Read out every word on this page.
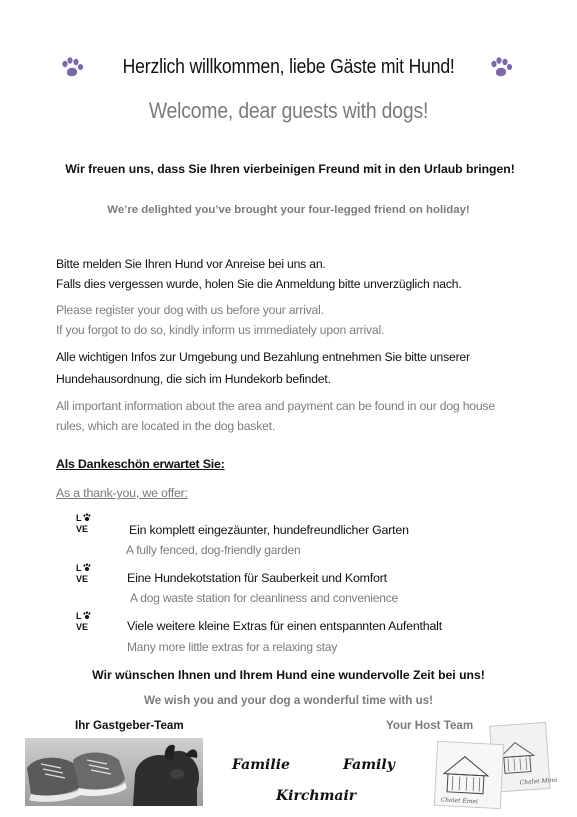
Herzlich willkommen, liebe Gäste mit Hund!
Welcome, dear guests with dogs!
Wir freuen uns, dass Sie Ihren vierbeinigen Freund mit in den Urlaub bringen!
We’re delighted you’ve brought your four-legged friend on holiday!
Bitte melden Sie Ihren Hund vor Anreise bei uns an.
Falls dies vergessen wurde, holen Sie die Anmeldung bitte unverzüglich nach.
Please register your dog with us before your arrival.
If you forgot to do so, kindly inform us immediately upon arrival.
Alle wichtigen Infos zur Umgebung und Bezahlung entnehmen Sie bitte unserer
Hundehausordnung, die sich im Hundekorb befindet.
All important information about the area and payment can be found in our dog house
rules, which are located in the dog basket.
Als Dankeschön erwartet Sie:
As a thank-you, we offer:
L
VE	Ein komplett eingezäunter, hundefreundlicher Garten
A fully fenced, dog-friendly garden
L
VE	Eine Hundekotstation für Sauberkeit und Komfort
A dog waste station for cleanliness and convenience
L
VE	Viele weitere kleine Extras für einen entspannten Aufenthalt
Many more little extras for a relaxing stay
Wir wünschen Ihnen und Ihrem Hund eine wundervolle Zeit bei uns!
We wish you and your dog a wonderful time with us!
Ihr Gastgeber-Team	Your Host Team
Familie	Family
Kirchmair
Chalet Mimi
Chalet Emei
